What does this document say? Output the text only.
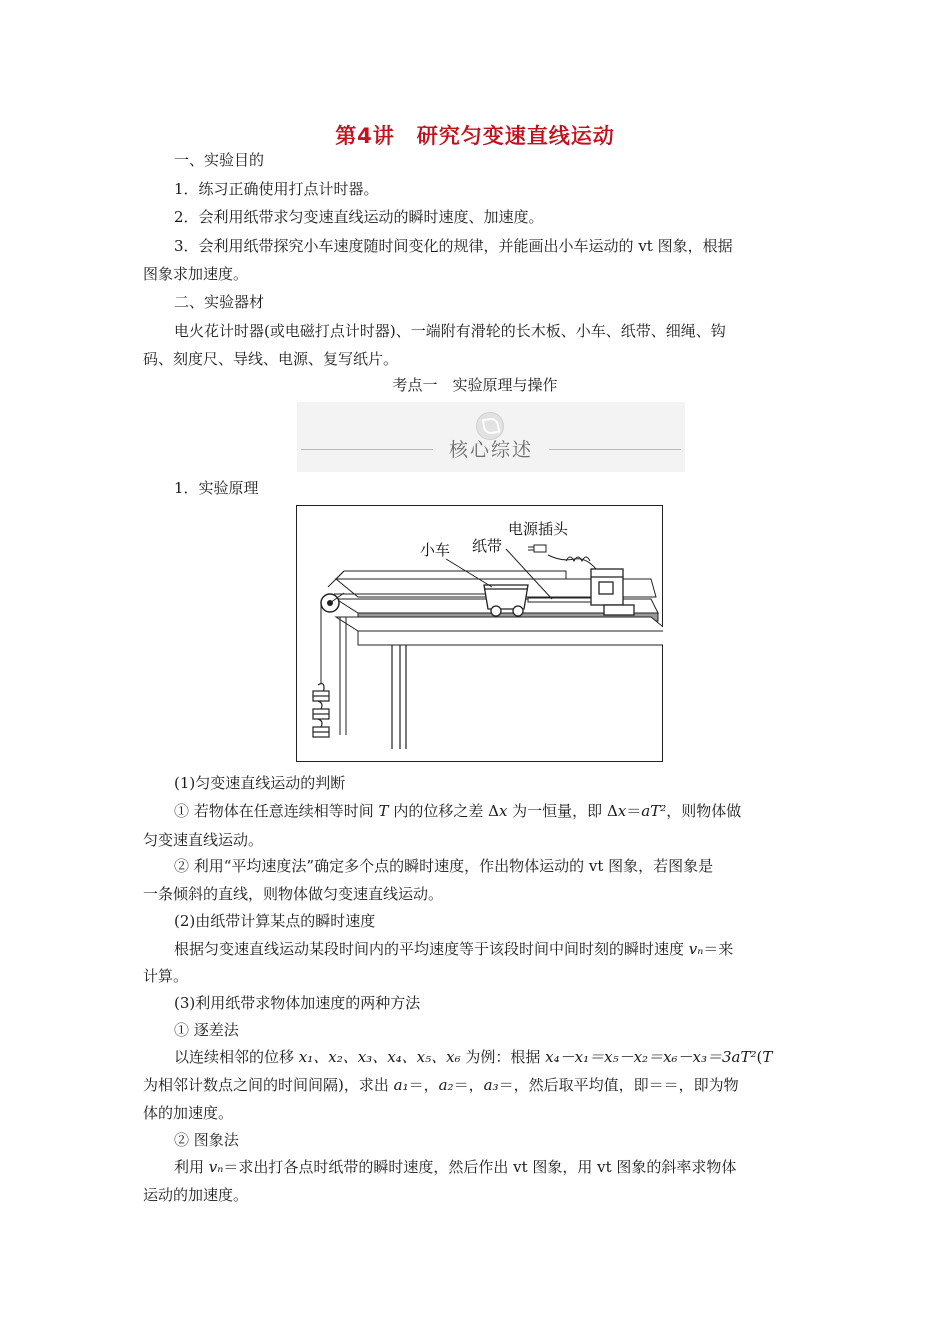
第4讲　研究匀变速直线运动
一、实验目的
1．练习正确使用打点计时器。
2．会利用纸带求匀变速直线运动的瞬时速度、加速度。
3．会利用纸带探究小车速度随时间变化的规律，并能画出小车运动的 vt 图象，根据
图象求加速度。
二、实验器材
电火花计时器(或电磁打点计时器)、一端附有滑轮的长木板、小车、纸带、细绳、钩
码、刻度尺、导线、电源、复写纸片。
考点一　实验原理与操作
核心综述
1．实验原理
小车 纸带
电源插头
(1)匀变速直线运动的判断
① 若物体在任意连续相等时间 T 内的位移之差 Δx 为一恒量，即 Δx＝aT²，则物体做
匀变速直线运动。
② 利用“平均速度法”确定多个点的瞬时速度，作出物体运动的 vt 图象，若图象是
一条倾斜的直线，则物体做匀变速直线运动。
(2)由纸带计算某点的瞬时速度
根据匀变速直线运动某段时间内的平均速度等于该段时间中间时刻的瞬时速度 vₙ＝来
计算。
(3)利用纸带求物体加速度的两种方法
① 逐差法
以连续相邻的位移 x₁、x₂、x₃、x₄、x₅、x₆ 为例：根据 x₄－x₁＝x₅－x₂＝x₆－x₃＝3aT²(T
为相邻计数点之间的时间间隔)，求出 a₁＝，a₂＝，a₃＝，然后取平均值，即＝＝，即为物
体的加速度。
② 图象法
利用 vₙ＝求出打各点时纸带的瞬时速度，然后作出 vt 图象，用 vt 图象的斜率求物体
运动的加速度。
